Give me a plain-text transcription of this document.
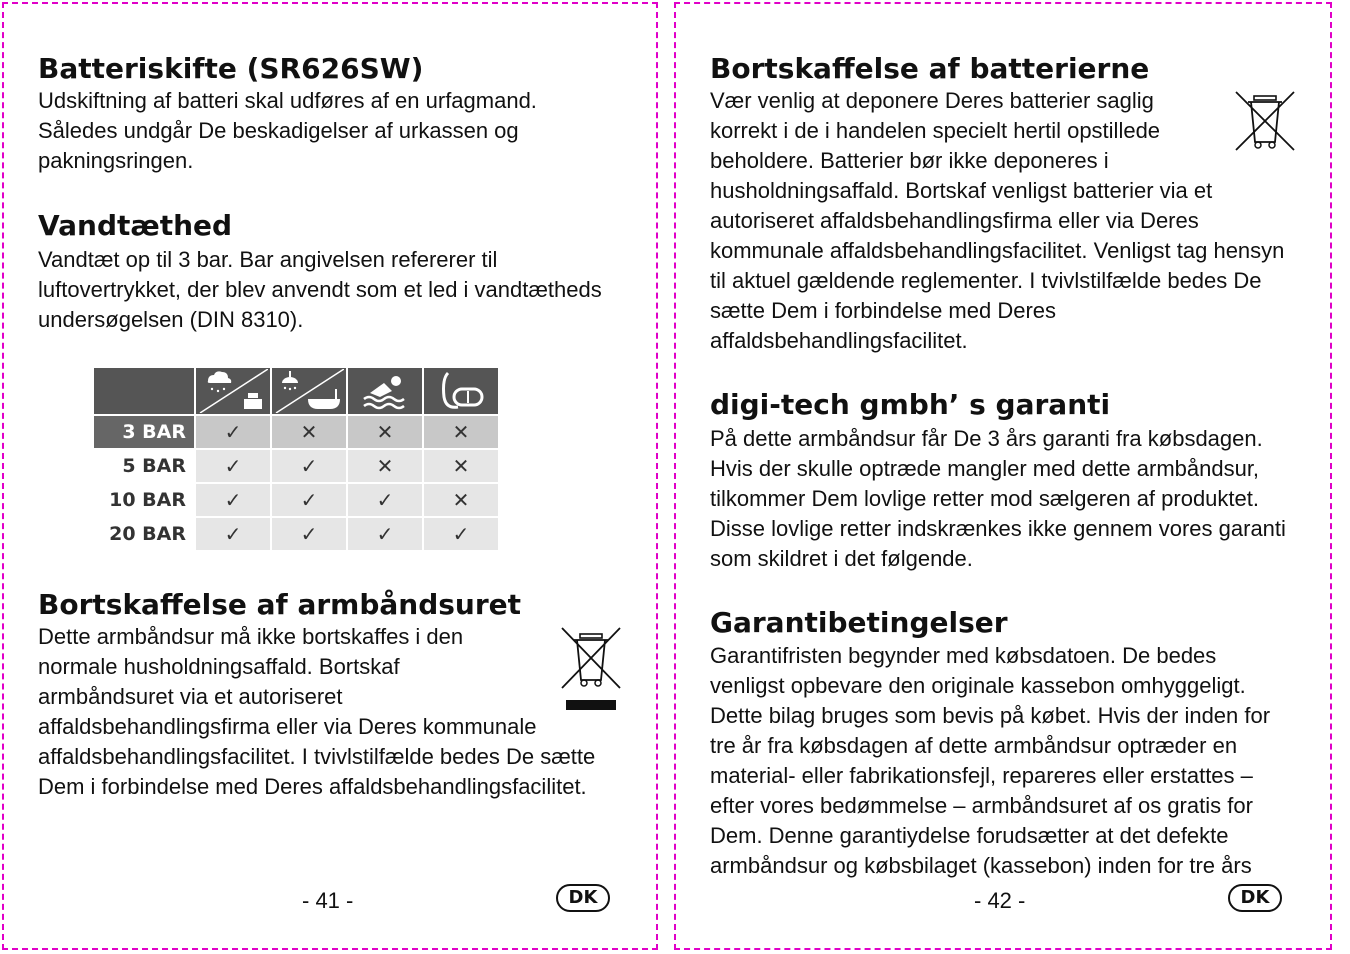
Batteriskifte (SR626SW)
Udskiftning af batteri skal udføres af en urfagmand.
Således undgår De beskadigelser af urkassen og
pakningsringen.
Vandtæthed
Vandtæt op til 3 bar. Bar angivelsen refererer til
luftovertrykket, der blev anvendt som et led i vandtætheds
undersøgelsen (DIN 8310).
Bortskaffelse af armbåndsuret
Dette armbåndsur må ikke bortskaffes i den
normale husholdningsaffald. Bortskaf
armbåndsuret via et autoriseret
affaldsbehandlingsfirma eller via Deres kommunale
affaldsbehandlingsfacilitet. I tvivlstilfælde bedes De sætte
Dem i forbindelse med Deres affaldsbehandlingsfacilitet.

3 BAR	✓	✕	✕	✕
5 BAR	✓	✓	✕	✕
10 BAR	✓	✓	✓	✕
20 BAR	✓	✓	✓	✓
- 41 -	DK
Bortskaffelse af batterierne
Vær venlig at deponere Deres batterier saglig
korrekt i de i handelen specielt hertil opstillede
beholdere. Batterier bør ikke deponeres i
husholdningsaffald. Bortskaf venligst batterier via et
autoriseret affaldsbehandlingsfirma eller via Deres
kommunale affaldsbehandlingsfacilitet. Venligst tag hensyn
til aktuel gældende reglementer. I tvivlstilfælde bedes De
sætte Dem i forbindelse med Deres
affaldsbehandlingsfacilitet.
digi-tech gmbh’ s garanti
På dette armbåndsur får De 3 års garanti fra købsdagen.
Hvis der skulle optræde mangler med dette armbåndsur,
tilkommer Dem lovlige retter mod sælgeren af produktet.
Disse lovlige retter indskrænkes ikke gennem vores garanti
som skildret i det følgende.
Garantibetingelser
Garantifristen begynder med købsdatoen. De bedes
venligst opbevare den originale kassebon omhyggeligt.
Dette bilag bruges som bevis på købet. Hvis der inden for
tre år fra købsdagen af dette armbåndsur optræder en
material- eller fabrikationsfejl, repareres eller erstattes –
efter vores bedømmelse – armbåndsuret af os gratis for
Dem. Denne garantiydelse forudsætter at det defekte
armbåndsur og købsbilaget (kassebon) inden for tre års
- 42 -	DK
